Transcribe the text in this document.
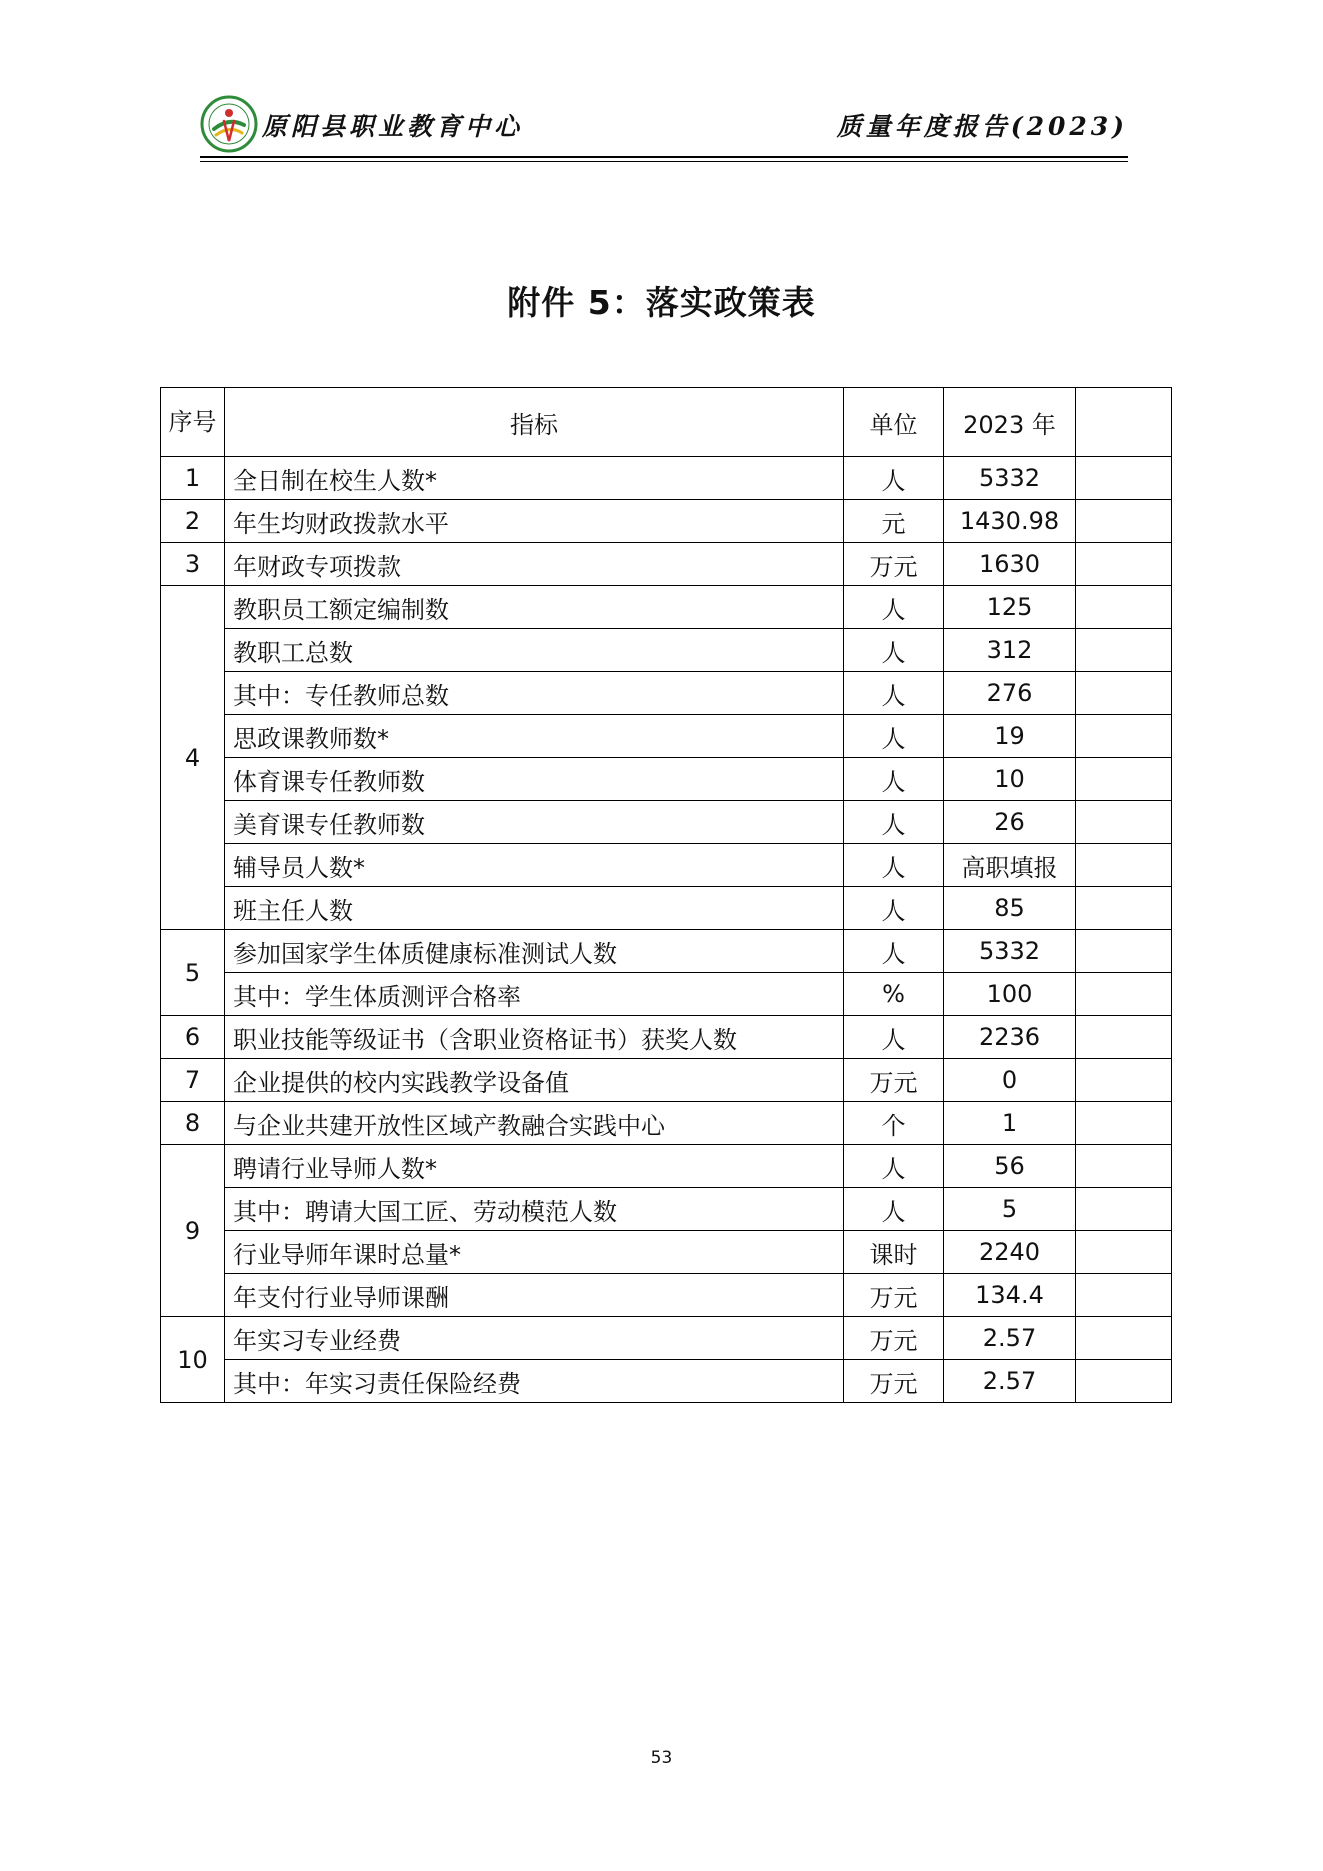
原阳县职业教育中心	质量年度报告(2023)
附件 5：落实政策表
序号	指标	单位	2023 年	
1	全日制在校生人数*	人	5332	
2	年生均财政拨款水平	元	1430.98	
3	年财政专项拨款	万元	1630	
4	教职员工额定编制数	人	125	
	教职工总数	人	312	
	其中：专任教师总数	人	276	
	思政课教师数*	人	19	
	体育课专任教师数	人	10	
	美育课专任教师数	人	26	
	辅导员人数*	人	高职填报	
	班主任人数	人	85	
5	参加国家学生体质健康标准测试人数	人	5332	
	其中：学生体质测评合格率	%	100	
6	职业技能等级证书（含职业资格证书）获奖人数	人	2236	
7	企业提供的校内实践教学设备值	万元	0	
8	与企业共建开放性区域产教融合实践中心	个	1	
9	聘请行业导师人数*	人	56	
	其中：聘请大国工匠、劳动模范人数	人	5	
	行业导师年课时总量*	课时	2240	
	年支付行业导师课酬	万元	134.4	
10	年实习专业经费	万元	2.57	
	其中：年实习责任保险经费	万元	2.57	
53
